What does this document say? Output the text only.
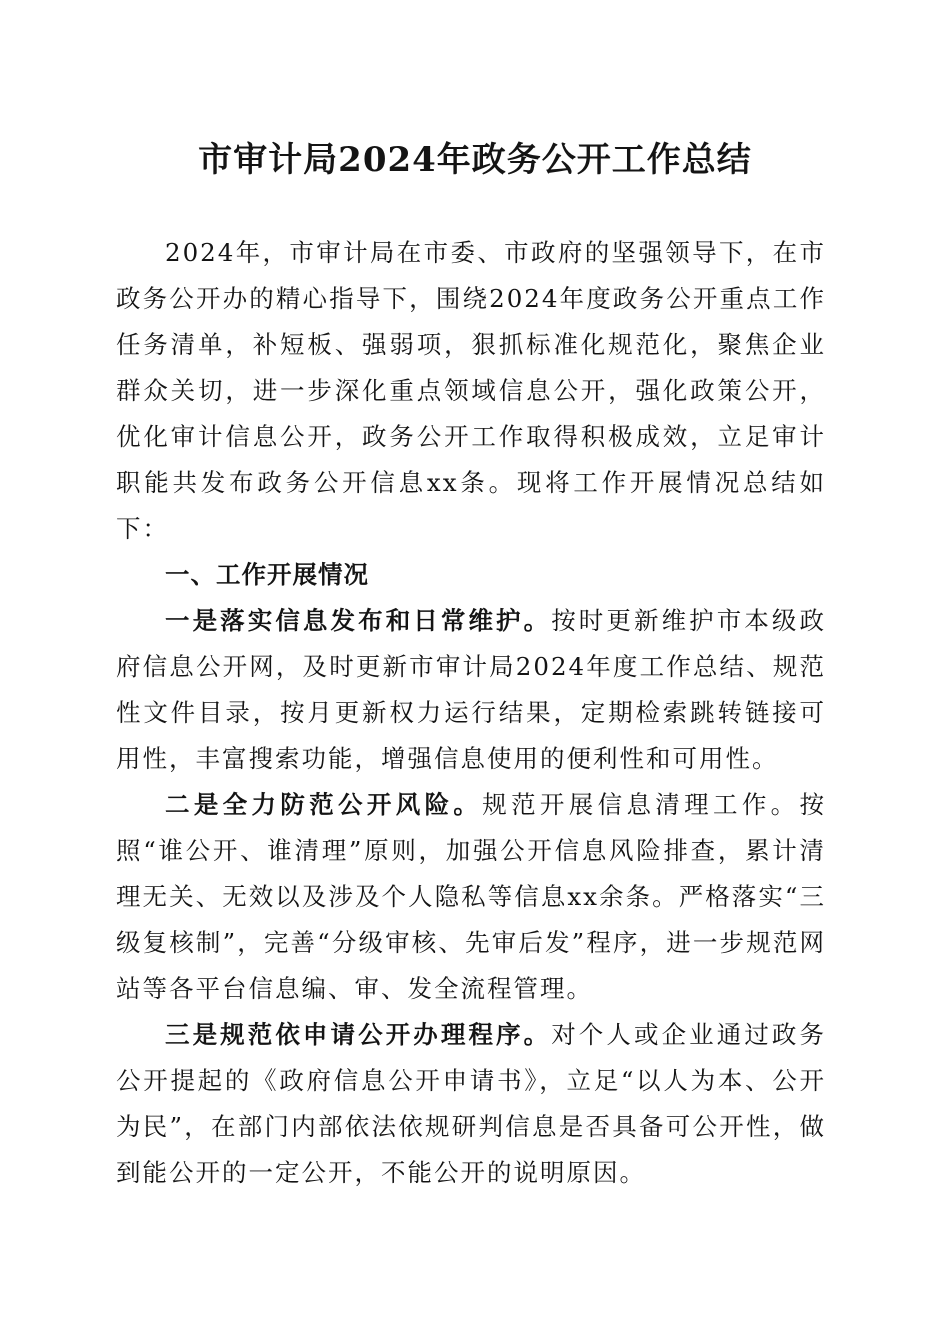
市审计局2024年政务公开工作总结

2024年，市审计局在市委、市政府的坚强领导下，在市政务公开办的精心指导下，围绕2024年度政务公开重点工作任务清单，补短板、强弱项，狠抓标准化规范化，聚焦企业群众关切，进一步深化重点领域信息公开，强化政策公开，优化审计信息公开，政务公开工作取得积极成效，立足审计职能共发布政务公开信息xx条。现将工作开展情况总结如下：

一、工作开展情况

一是落实信息发布和日常维护。按时更新维护市本级政府信息公开网，及时更新市审计局2024年度工作总结、规范性文件目录，按月更新权力运行结果，定期检索跳转链接可用性，丰富搜索功能，增强信息使用的便利性和可用性。

二是全力防范公开风险。规范开展信息清理工作。按照“谁公开、谁清理”原则，加强公开信息风险排查，累计清理无关、无效以及涉及个人隐私等信息xx余条。严格落实“三级复核制”，完善“分级审核、先审后发”程序，进一步规范网站等各平台信息编、审、发全流程管理。

三是规范依申请公开办理程序。对个人或企业通过政务公开提起的《政府信息公开申请书》，立足“以人为本、公开为民”，在部门内部依法依规研判信息是否具备可公开性，做到能公开的一定公开，不能公开的说明原因。
